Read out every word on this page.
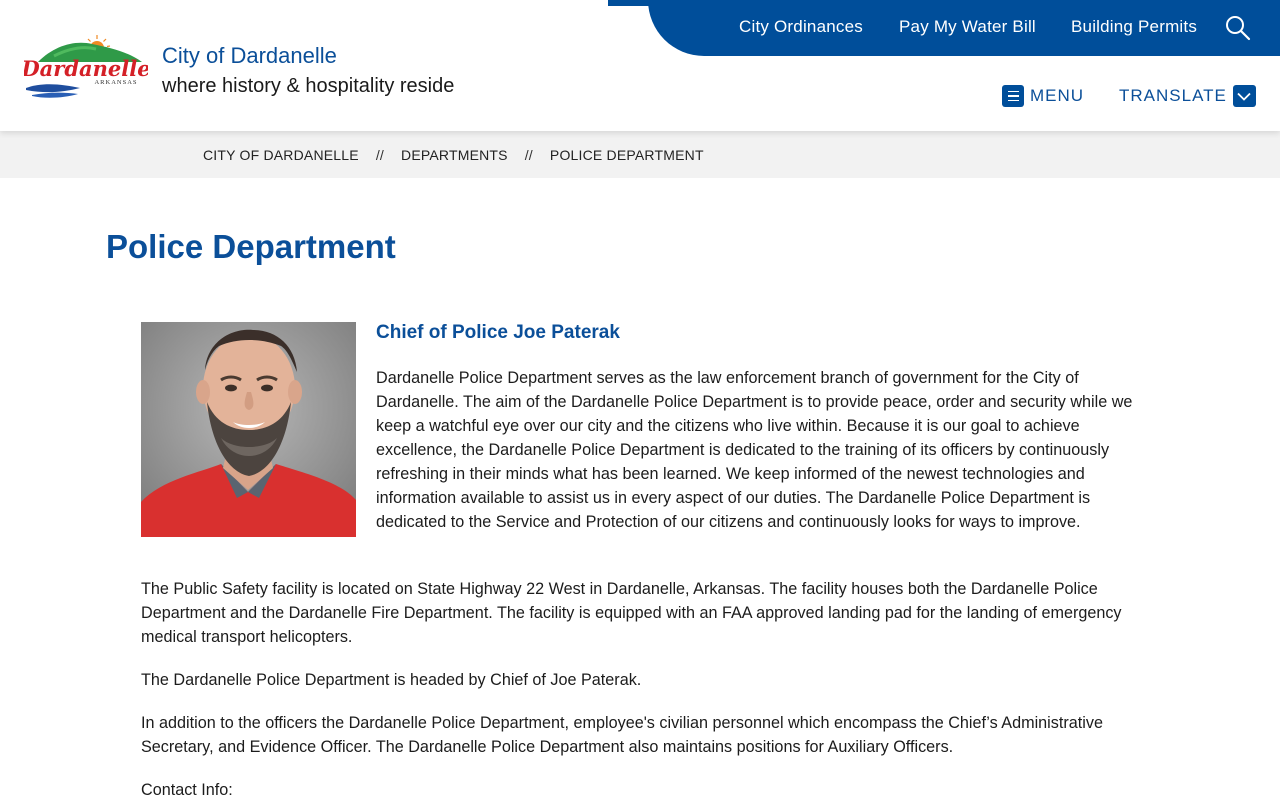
City Ordinances Pay My Water Bill Building Permits
Dardanelle
ARKANSAS
City of Dardanelle
where history & hospitality reside	MENU TRANSLATE
CITY OF DARDANELLE // DEPARTMENTS // POLICE DEPARTMENT
Police Department
Chief of Police Joe Paterak

Dardanelle Police Department serves as the law enforcement branch of government for the City of Dardanelle. The aim of the Dardanelle Police Department is to provide peace, order and security while we keep a watchful eye over our city and the citizens who live within. Because it is our goal to achieve excellence, the Dardanelle Police Department is dedicated to the training of its officers by continuously refreshing in their minds what has been learned. We keep informed of the newest technologies and information available to assist us in every aspect of our duties. The Dardanelle Police Department is dedicated to the Service and Protection of our citizens and continuously looks for ways to improve.

The Public Safety facility is located on State Highway 22 West in Dardanelle, Arkansas. The facility houses both the Dardanelle Police Department and the Dardanelle Fire Department. The facility is equipped with an FAA approved landing pad for the landing of emergency medical transport helicopters.

The Dardanelle Police Department is headed by Chief of Joe Paterak.

In addition to the officers the Dardanelle Police Department, employee's civilian personnel which encompass the Chief’s Administrative Secretary, and Evidence Officer. The Dardanelle Police Department also maintains positions for Auxiliary Officers.

Contact Info:
